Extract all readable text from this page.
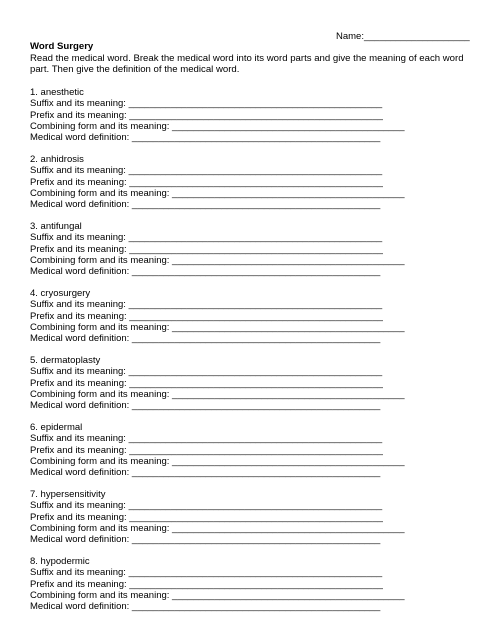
Name:____________________
Word Surgery

Read the medical word. Break the medical word into its word parts and give the meaning of each word part. Then give the definition of the medical word.

1. anesthetic
Suffix and its meaning: ________________________________________________
Prefix and its meaning: ________________________________________________
Combining form and its meaning: ____________________________________________
Medical word definition: _______________________________________________
2. anhidrosis
Suffix and its meaning: ________________________________________________
Prefix and its meaning: ________________________________________________
Combining form and its meaning: ____________________________________________
Medical word definition: _______________________________________________
3. antifungal
Suffix and its meaning: ________________________________________________
Prefix and its meaning: ________________________________________________
Combining form and its meaning: ____________________________________________
Medical word definition: _______________________________________________
4. cryosurgery
Suffix and its meaning: ________________________________________________
Prefix and its meaning: ________________________________________________
Combining form and its meaning: ____________________________________________
Medical word definition: _______________________________________________
5. dermatoplasty
Suffix and its meaning: ________________________________________________
Prefix and its meaning: ________________________________________________
Combining form and its meaning: ____________________________________________
Medical word definition: _______________________________________________
6. epidermal
Suffix and its meaning: ________________________________________________
Prefix and its meaning: ________________________________________________
Combining form and its meaning: ____________________________________________
Medical word definition: _______________________________________________
7. hypersensitivity
Suffix and its meaning: ________________________________________________
Prefix and its meaning: ________________________________________________
Combining form and its meaning: ____________________________________________
Medical word definition: _______________________________________________
8. hypodermic
Suffix and its meaning: ________________________________________________
Prefix and its meaning: ________________________________________________
Combining form and its meaning: ____________________________________________
Medical word definition: _______________________________________________
